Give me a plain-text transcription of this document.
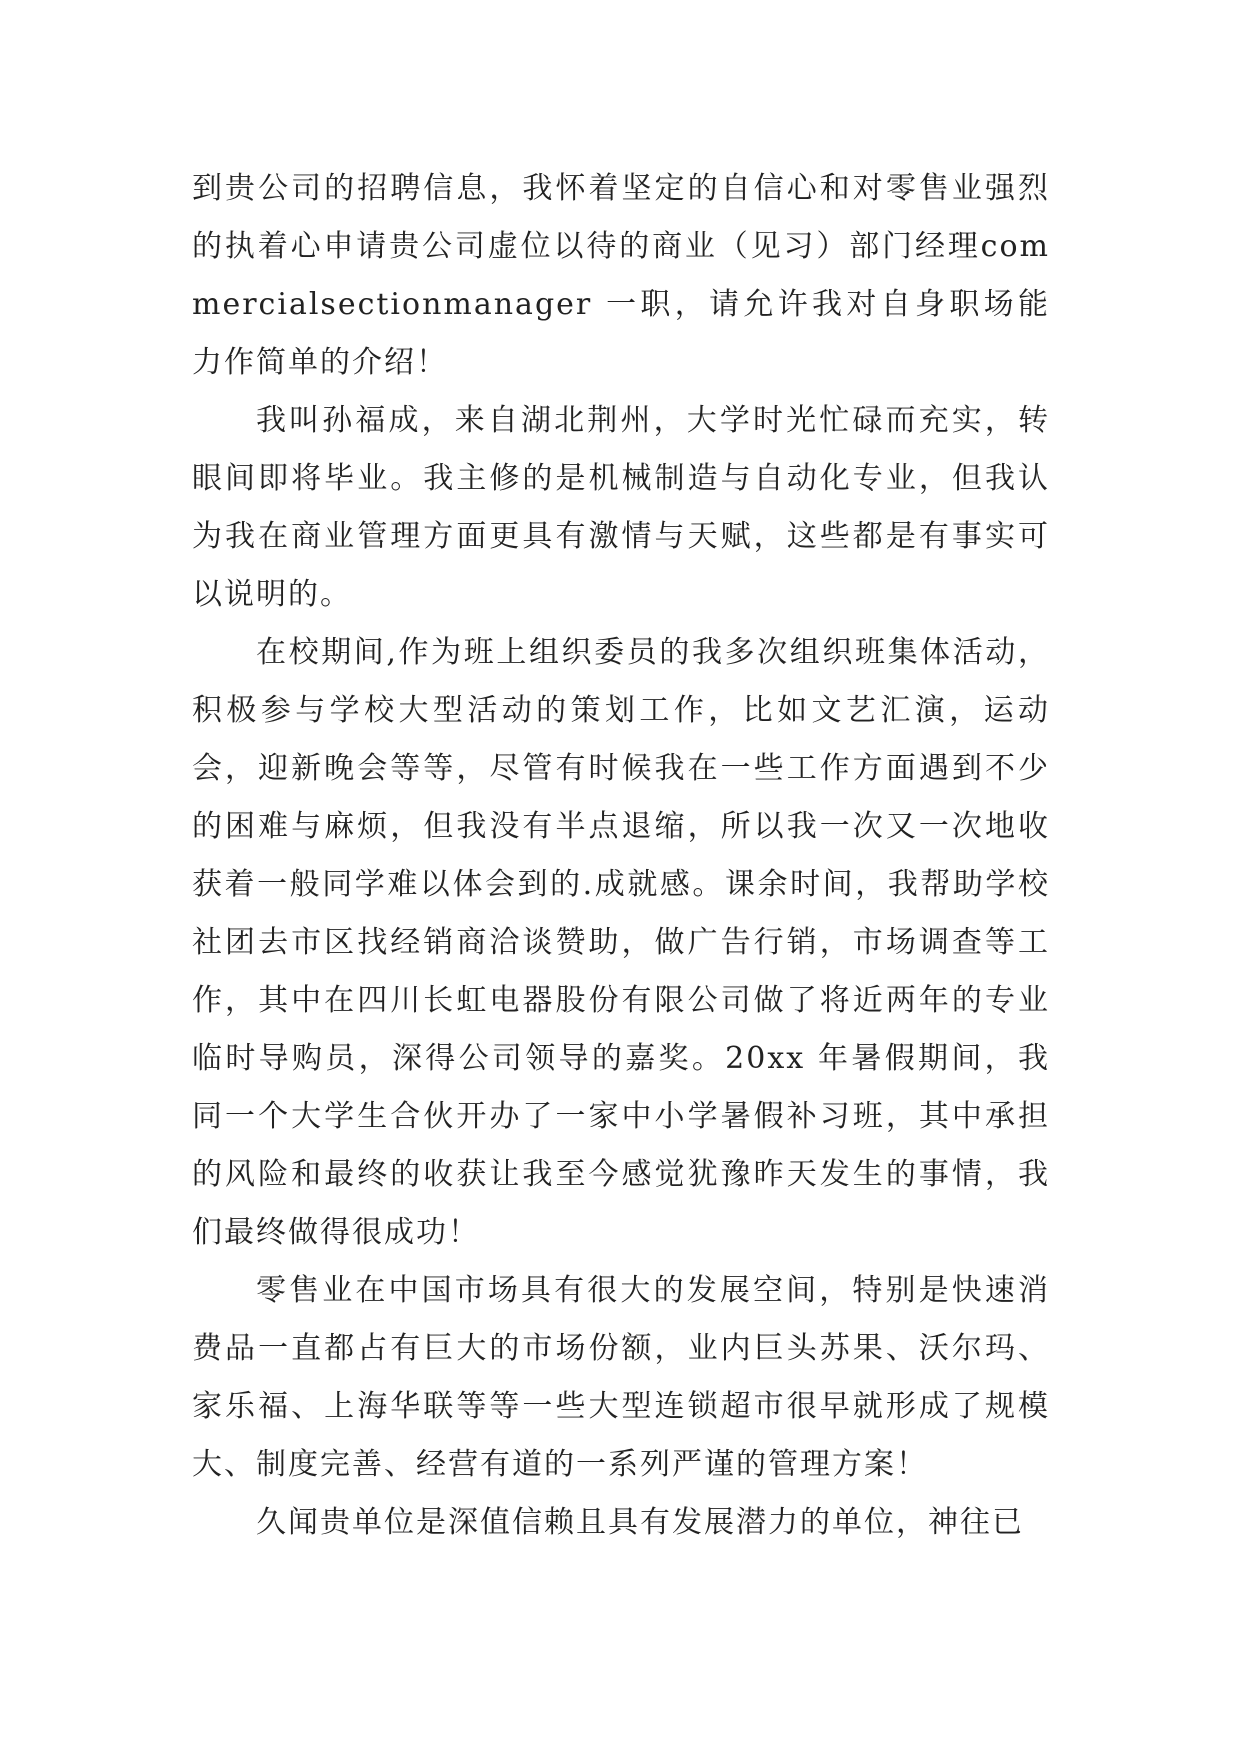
到贵公司的招聘信息，我怀着坚定的自信心和对零售业强烈的执着心申请贵公司虚位以待的商业（见习）部门经理commercialsectionmanager 一职，请允许我对自身职场能力作简单的介绍！

我叫孙福成，来自湖北荆州，大学时光忙碌而充实，转眼间即将毕业。我主修的是机械制造与自动化专业，但我认为我在商业管理方面更具有激情与天赋，这些都是有事实可以说明的。

在校期间,作为班上组织委员的我多次组织班集体活动，积极参与学校大型活动的策划工作，比如文艺汇演，运动会，迎新晚会等等，尽管有时候我在一些工作方面遇到不少的困难与麻烦，但我没有半点退缩，所以我一次又一次地收获着一般同学难以体会到的.成就感。课余时间，我帮助学校社团去市区找经销商洽谈赞助，做广告行销，市场调查等工作，其中在四川长虹电器股份有限公司做了将近两年的专业临时导购员，深得公司领导的嘉奖。20xx 年暑假期间，我同一个大学生合伙开办了一家中小学暑假补习班，其中承担的风险和最终的收获让我至今感觉犹豫昨天发生的事情，我们最终做得很成功！

零售业在中国市场具有很大的发展空间，特别是快速消费品一直都占有巨大的市场份额，业内巨头苏果、沃尔玛、家乐福、上海华联等等一些大型连锁超市很早就形成了规模大、制度完善、经营有道的一系列严谨的管理方案！

久闻贵单位是深值信赖且具有发展潜力的单位，神往已
